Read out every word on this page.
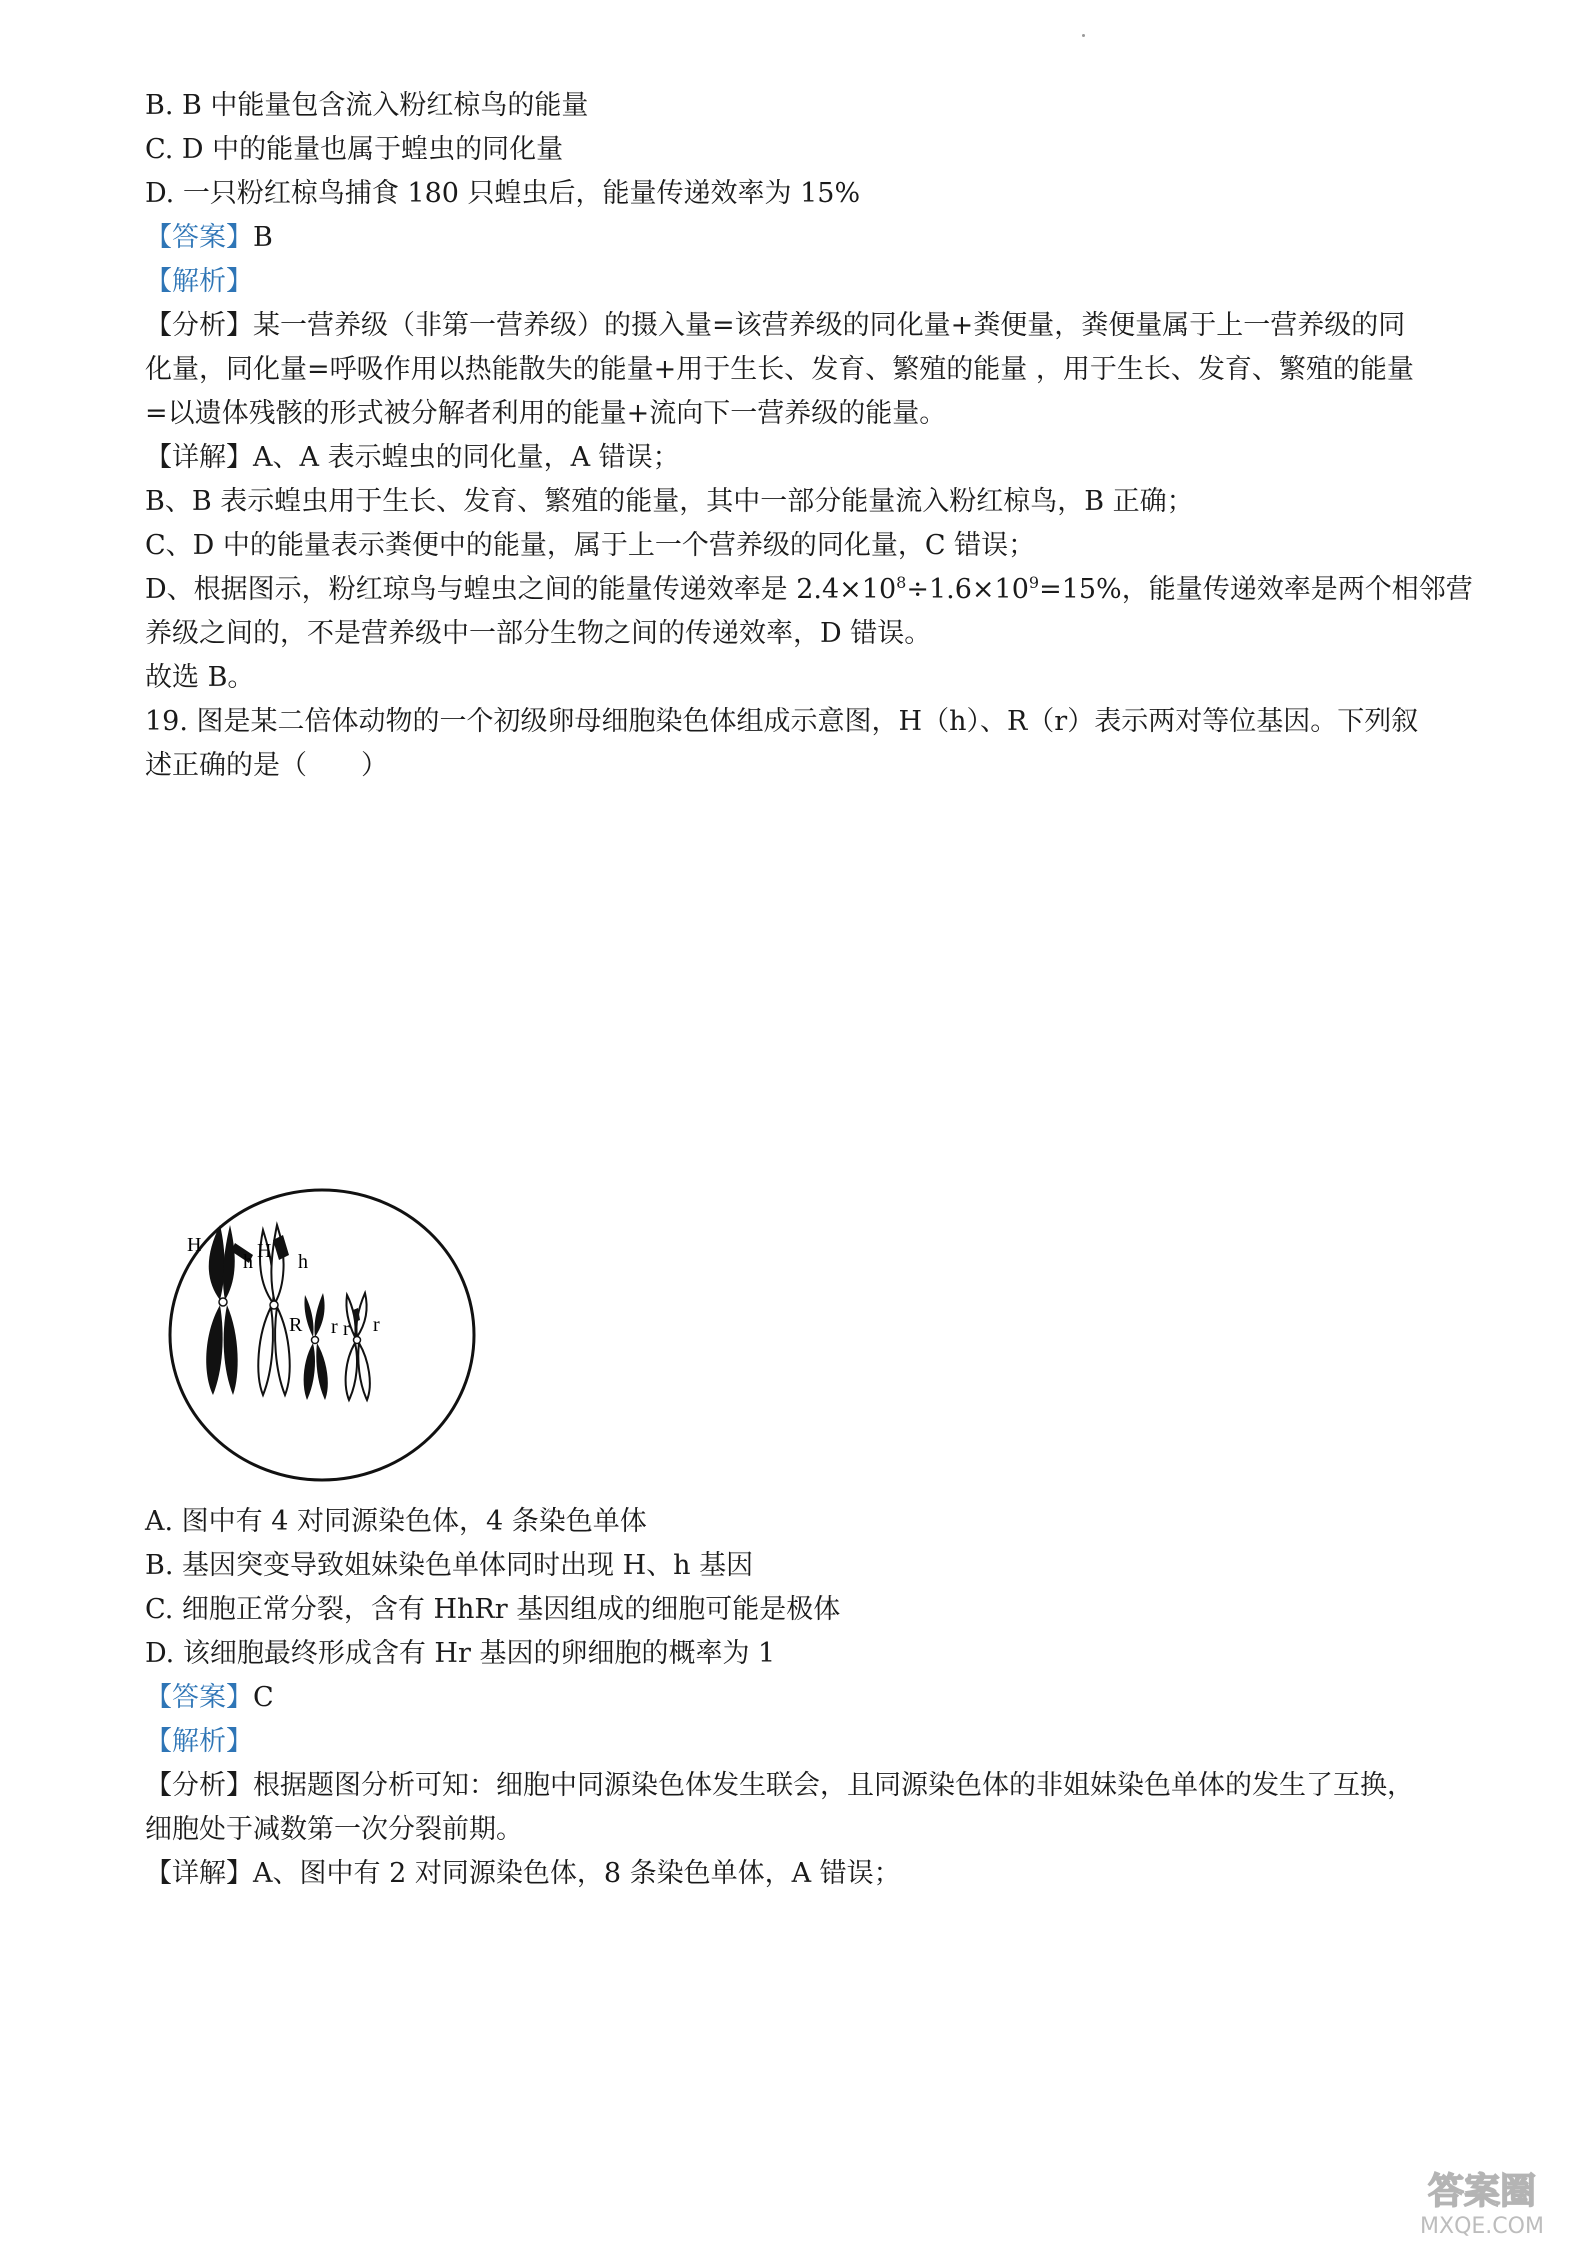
B. B 中能量包含流入粉红椋鸟的能量
C. D 中的能量也属于蝗虫的同化量
D. 一只粉红椋鸟捕食 180 只蝗虫后，能量传递效率为 15%
【答案】B
【解析】
【分析】某一营养级（非第一营养级）的摄入量=该营养级的同化量+粪便量，粪便量属于上一营养级的同
化量，同化量=呼吸作用以热能散失的能量+用于生长、发育、繁殖的能量 ，用于生长、发育、繁殖的能量
=以遗体残骸的形式被分解者利用的能量+流向下一营养级的能量。
【详解】A、A 表示蝗虫的同化量，A 错误；
B、B 表示蝗虫用于生长、发育、繁殖的能量，其中一部分能量流入粉红椋鸟，B 正确；
C、D 中的能量表示粪便中的能量，属于上一个营养级的同化量，C 错误；
D、根据图示，粉红琼鸟与蝗虫之间的能量传递效率是 $2.4\times 10^8\div 1.6\times 10^9=15\%$，能量传递效率是两个相邻营
养级之间的，不是营养级中一部分生物之间的传递效率，D 错误。
故选 B。
19. 图是某二倍体动物的一个初级卵母细胞染色体组成示意图，H（h）、R（r）表示两对等位基因。下列叙
述正确的是（　　）
H
h H h
R r r r
A. 图中有 4 对同源染色体，4 条染色单体
B. 基因突变导致姐妹染色单体同时出现 H、h 基因
C. 细胞正常分裂，含有 HhRr 基因组成的细胞可能是极体
D. 该细胞最终形成含有 Hr 基因的卵细胞的概率为 1
【答案】C
【解析】
【分析】根据题图分析可知：细胞中同源染色体发生联会，且同源染色体的非姐妹染色单体的发生了互换，
细胞处于减数第一次分裂前期。
【详解】A、图中有 2 对同源染色体，8 条染色单体，A 错误；
答案圈
MXQE.COM
